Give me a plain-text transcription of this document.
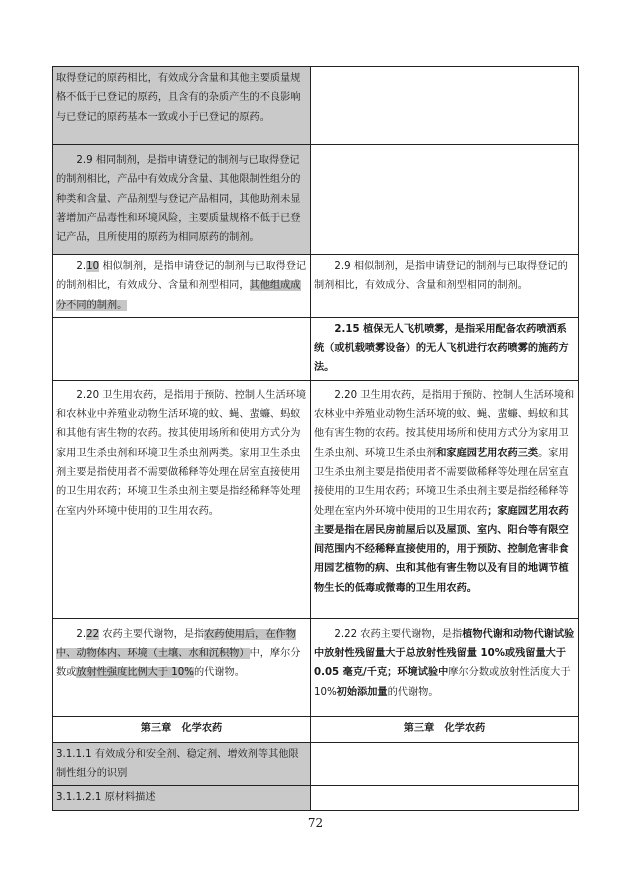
取得登记的原药相比，有效成分含量和其他主要质量规格不低于已登记的原药，且含有的杂质产生的不良影响与已登记的原药基本一致或小于已登记的原药。	
2.9 相同制剂，是指申请登记的制剂与已取得登记的制剂相比，产品中有效成分含量、其他限制性组分的种类和含量、产品剂型与登记产品相同，其他助剂未显著增加产品毒性和环境风险，主要质量规格不低于已登记产品，且所使用的原药为相同原药的制剂。	
2.10 相似制剂，是指申请登记的制剂与已取得登记的制剂相比，有效成分、含量和剂型相同，其他组成成分不同的制剂。	2.9 相似制剂，是指申请登记的制剂与已取得登记的制剂相比，有效成分、含量和剂型相同的制剂。
	2.15 植保无人飞机喷雾，是指采用配备农药喷洒系统（或机载喷雾设备）的无人飞机进行农药喷雾的施药方法。
2.20 卫生用农药，是指用于预防、控制人生活环境和农林业中养殖业动物生活环境的蚊、蝇、蜚蠊、蚂蚁和其他有害生物的农药。按其使用场所和使用方式分为家用卫生杀虫剂和环境卫生杀虫剂两类。家用卫生杀虫剂主要是指使用者不需要做稀释等处理在居室直接使用的卫生用农药；环境卫生杀虫剂主要是指经稀释等处理在室内外环境中使用的卫生用农药。	2.20 卫生用农药，是指用于预防、控制人生活环境和农林业中养殖业动物生活环境的蚊、蝇、蜚蠊、蚂蚁和其他有害生物的农药。按其使用场所和使用方式分为家用卫生杀虫剂、环境卫生杀虫剂和家庭园艺用农药三类。家用卫生杀虫剂主要是指使用者不需要做稀释等处理在居室直接使用的卫生用农药；环境卫生杀虫剂主要是指经稀释等处理在室内外环境中使用的卫生用农药；家庭园艺用农药主要是指在居民房前屋后以及屋顶、室内、阳台等有限空间范围内不经稀释直接使用的，用于预防、控制危害非食用园艺植物的病、虫和其他有害生物以及有目的地调节植物生长的低毒或微毒的卫生用农药。
2.22 农药主要代谢物，是指农药使用后，在作物中、动物体内、环境（土壤、水和沉积物）中，摩尔分数或放射性强度比例大于 10%的代谢物。	2.22 农药主要代谢物，是指植物代谢和动物代谢试验中放射性残留量大于总放射性残留量 10%或残留量大于 0.05 毫克/千克；环境试验中摩尔分数或放射性活度大于 10%初始添加量的代谢物。
第三章　化学农药	第三章　化学农药
3.1.1.1 有效成分和安全剂、稳定剂、增效剂等其他限制性组分的识别	
3.1.1.2.1 原材料描述	
72
